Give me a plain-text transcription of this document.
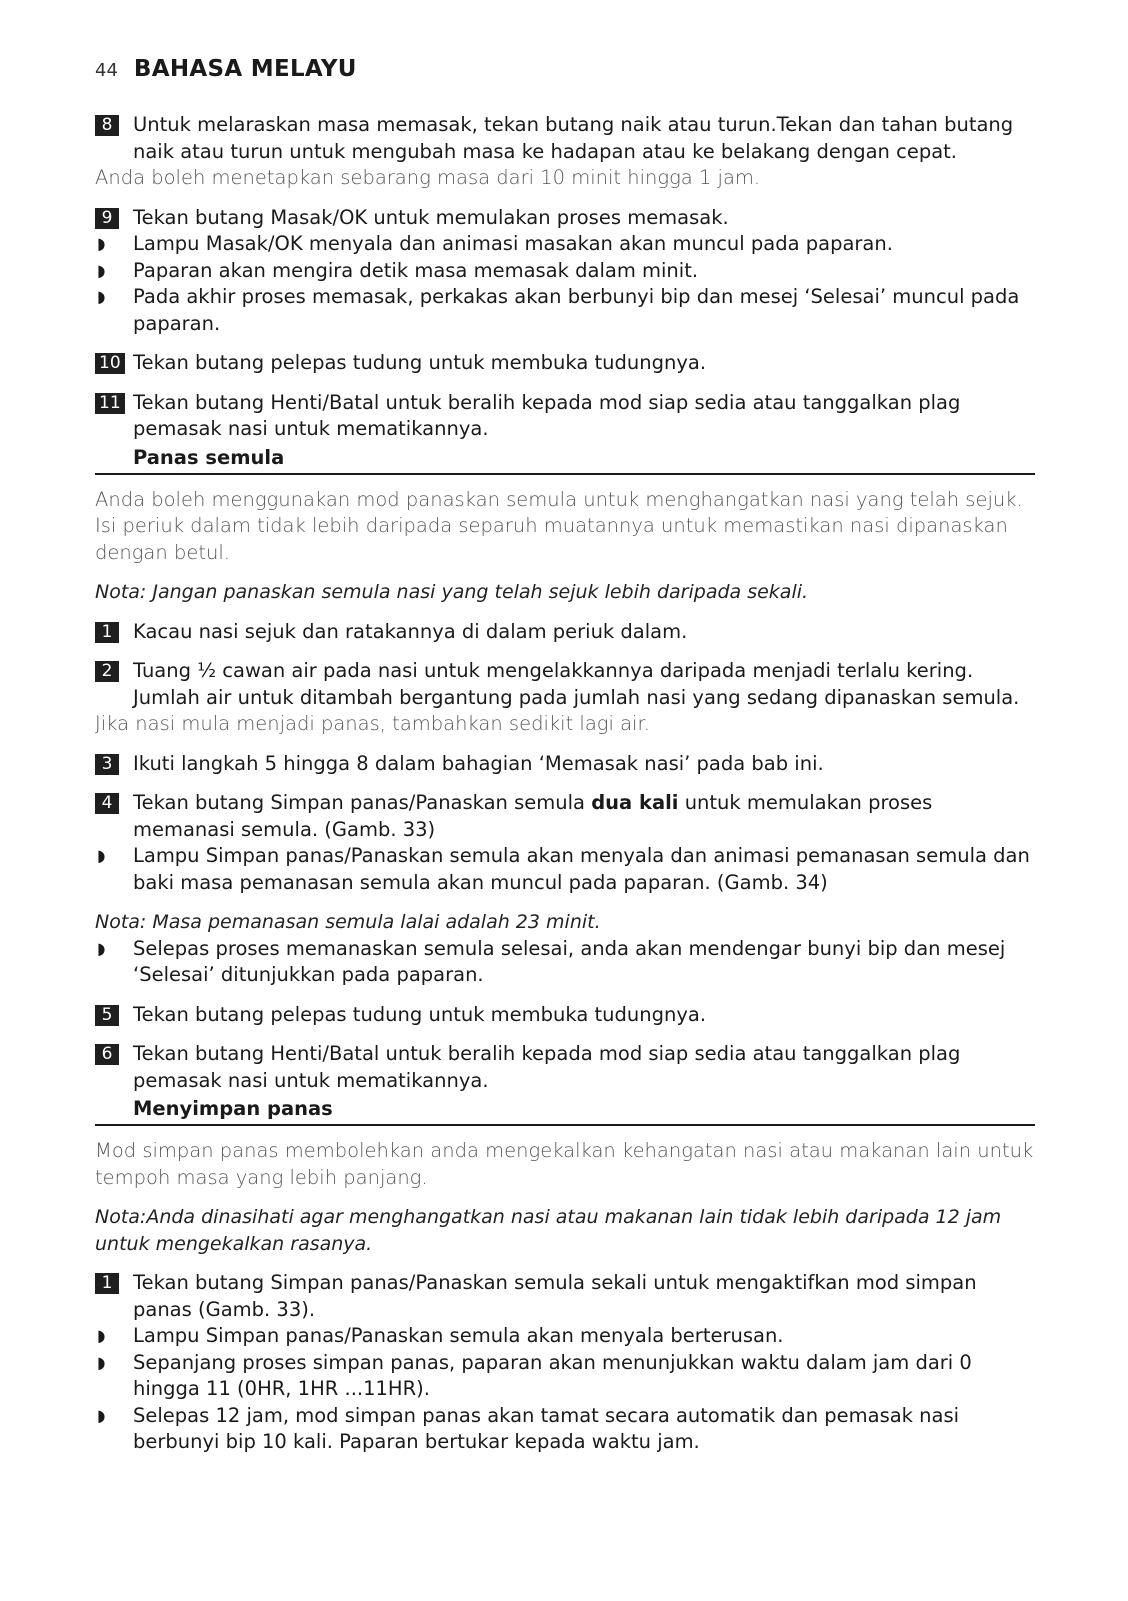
44 BAHASA MELAYU
8	Untuk melaraskan masa memasak, tekan butang naik atau turun.Tekan dan tahan butang naik atau turun untuk mengubah masa ke hadapan atau ke belakang dengan cepat.
Anda boleh menetapkan sebarang masa dari 10 minit hingga 1 jam.
9	Tekan butang Masak/OK untuk memulakan proses memasak.
◗ Lampu Masak/OK menyala dan animasi masakan akan muncul pada paparan.
◗ Paparan akan mengira detik masa memasak dalam minit.
◗ Pada akhir proses memasak, perkakas akan berbunyi bip dan mesej ‘Selesai’ muncul pada paparan.
10 Tekan butang pelepas tudung untuk membuka tudungnya.
11 Tekan butang Henti/Batal untuk beralih kepada mod siap sedia atau tanggalkan plag pemasak nasi untuk mematikannya.
Panas semula
Anda boleh menggunakan mod panaskan semula untuk menghangatkan nasi yang telah sejuk. Isi periuk dalam tidak lebih daripada separuh muatannya untuk memastikan nasi dipanaskan dengan betul.
Nota: Jangan panaskan semula nasi yang telah sejuk lebih daripada sekali.
1	Kacau nasi sejuk dan ratakannya di dalam periuk dalam.
2	Tuang ½ cawan air pada nasi untuk mengelakkannya daripada menjadi terlalu kering. Jumlah air untuk ditambah bergantung pada jumlah nasi yang sedang dipanaskan semula.
Jika nasi mula menjadi panas, tambahkan sedikit lagi air.
3	Ikuti langkah 5 hingga 8 dalam bahagian ‘Memasak nasi’ pada bab ini.
4	Tekan butang Simpan panas/Panaskan semula dua kali untuk memulakan proses memanasi semula. (Gamb. 33)
◗ Lampu Simpan panas/Panaskan semula akan menyala dan animasi pemanasan semula dan baki masa pemanasan semula akan muncul pada paparan. (Gamb. 34)
Nota: Masa pemanasan semula lalai adalah 23 minit.
◗ Selepas proses memanaskan semula selesai, anda akan mendengar bunyi bip dan mesej ‘Selesai’ ditunjukkan pada paparan.
5	Tekan butang pelepas tudung untuk membuka tudungnya.
6	Tekan butang Henti/Batal untuk beralih kepada mod siap sedia atau tanggalkan plag pemasak nasi untuk mematikannya.
Menyimpan panas
Mod simpan panas membolehkan anda mengekalkan kehangatan nasi atau makanan lain untuk tempoh masa yang lebih panjang.
Nota:Anda dinasihati agar menghangatkan nasi atau makanan lain tidak lebih daripada 12 jam untuk mengekalkan rasanya.
1	Tekan butang Simpan panas/Panaskan semula sekali untuk mengaktifkan mod simpan panas (Gamb. 33).
◗ Lampu Simpan panas/Panaskan semula akan menyala berterusan.
◗ Sepanjang proses simpan panas, paparan akan menunjukkan waktu dalam jam dari 0 hingga 11 (0HR, 1HR ...11HR).
◗ Selepas 12 jam, mod simpan panas akan tamat secara automatik dan pemasak nasi berbunyi bip 10 kali. Paparan bertukar kepada waktu jam.
